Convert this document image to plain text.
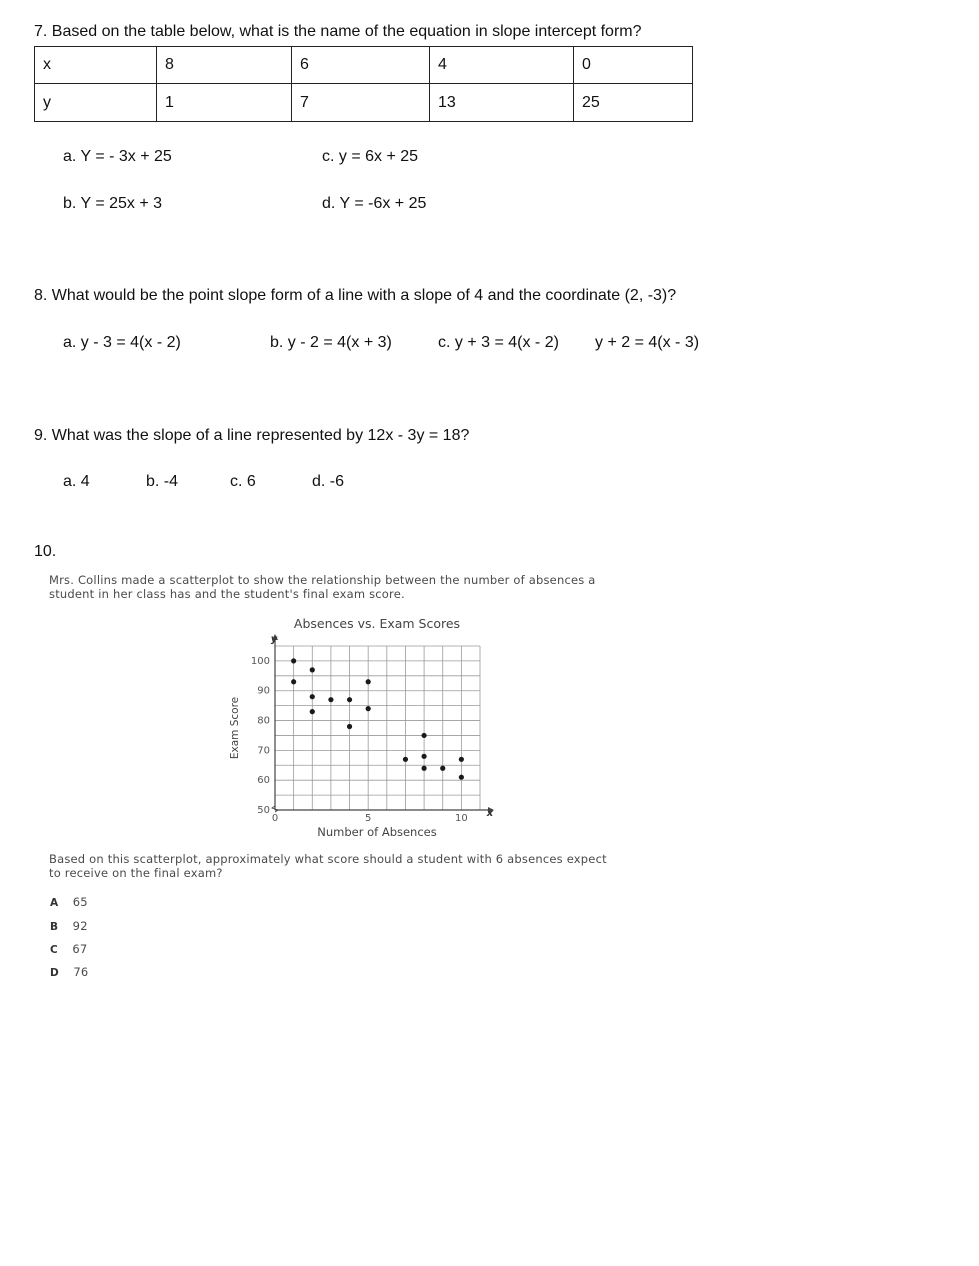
7. Based on the table below, what is the name of the equation in slope intercept form?
x	8	6	4	0
y	1	7	13	25
a. Y = - 3x + 25	c. y = 6x + 25
b. Y = 25x + 3	d. Y = -6x + 25
8. What would be the point slope form of a line with a slope of 4 and the coordinate (2, -3)?
a. y - 3 = 4(x - 2)	b. y - 2 = 4(x + 3)	c. y + 3 = 4(x - 2) y + 2 = 4(x - 3)
9. What was the slope of a line represented by 12x - 3y = 18?
a. 4	b. -4	c. 6	d. -6
10.
Mrs. Collins made a scatterplot to show the relationship between the number of absences a
student in her class has and the student's final exam score.
Absences vs. Exam Scores
50
60
70
80
90
100
0	5	10
y
x
Number of Absences
Exam Score
Based on this scatterplot, approximately what score should a student with 6 absences expect
to receive on the final exam?
A 65
B 92
C 67
D 76
